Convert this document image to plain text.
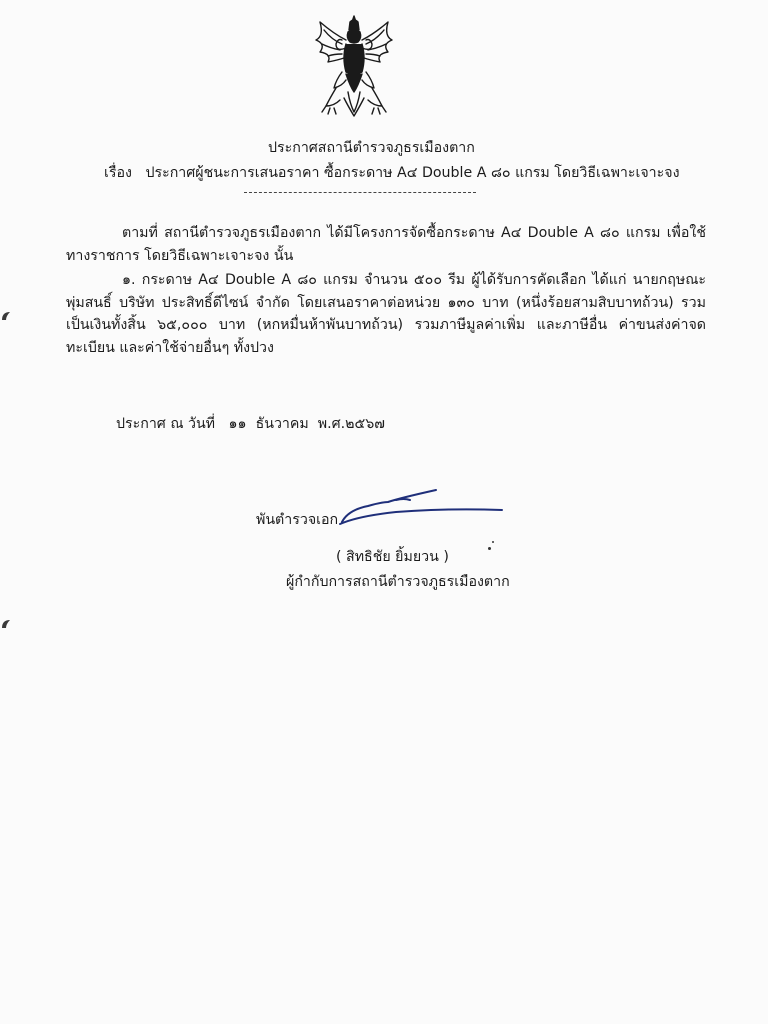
ประกาศสถานีตำรวจภูธรเมืองตาก
เรื่อง ประกาศผู้ชนะการเสนอราคา ซื้อกระดาษ A๔ Double A ๘๐ แกรม โดยวิธีเฉพาะเจาะจง
ตามที่ สถานีตำรวจภูธรเมืองตาก ได้มีโครงการจัดซื้อกระดาษ A๔ Double A ๘๐ แกรม เพื่อใช้ทางราชการ โดยวิธีเฉพาะเจาะจง นั้น
๑. กระดาษ A๔ Double A ๘๐ แกรม จำนวน ๕๐๐ รีม ผู้ได้รับการคัดเลือก ได้แก่ นายกฤษณะ พุ่มสนธิ์ บริษัท ประสิทธิ์ดีไซน์ จำกัด โดยเสนอราคาต่อหน่วย ๑๓๐ บาท (หนึ่งร้อยสามสิบบาทถ้วน) รวมเป็นเงินทั้งสิ้น ๖๕,๐๐๐ บาท (หกหมื่นห้าพันบาทถ้วน) รวมภาษีมูลค่าเพิ่ม และภาษีอื่น ค่าขนส่งค่าจดทะเบียน และค่าใช้จ่ายอื่นๆ ทั้งปวง
ประกาศ ณ วันที่ ๑๑ ธันวาคม พ.ศ.๒๕๖๗
พันตำรวจเอก
( สิทธิชัย ยิ้มยวน )
ผู้กำกับการสถานีตำรวจภูธรเมืองตาก
